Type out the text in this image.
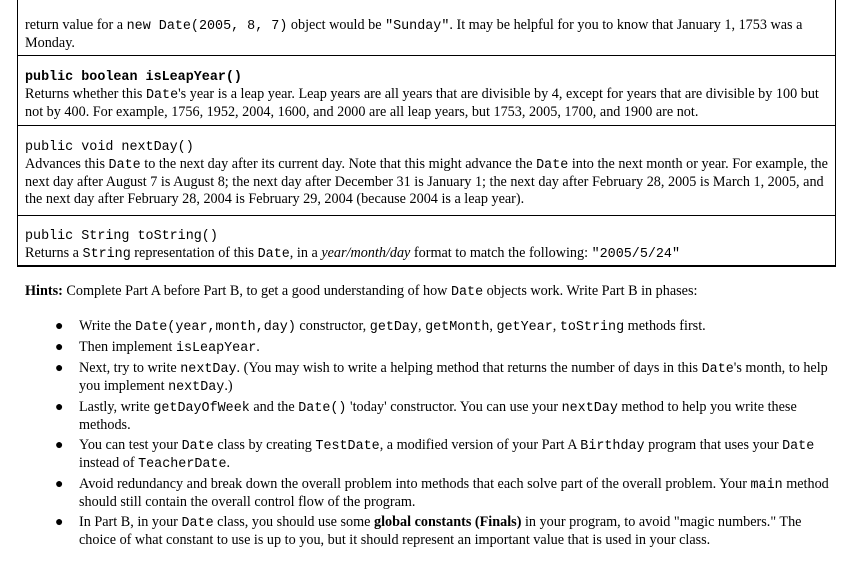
return value for a new Date(2005, 8, 7) object would be "Sunday". It may be helpful for you to know that January 1, 1753 was a Monday.
public boolean isLeapYear()
Returns whether this Date's year is a leap year. Leap years are all years that are divisible by 4, except for years that are divisible by 100 but not by 400. For example, 1756, 1952, 2004, 1600, and 2000 are all leap years, but 1753, 2005, 1700, and 1900 are not.
public void nextDay()
Advances this Date to the next day after its current day. Note that this might advance the Date into the next month or year. For example, the next day after August 7 is August 8; the next day after December 31 is January 1; the next day after February 28, 2005 is March 1, 2005, and the next day after February 28, 2004 is February 29, 2004 (because 2004 is a leap year).
public String toString()
Returns a String representation of this Date, in a year/month/day format to match the following: "2005/5/24"
Hints: Complete Part A before Part B, to get a good understanding of how Date objects work. Write Part B in phases:
● Write the Date(year,month,day) constructor, getDay, getMonth, getYear, toString methods first.
● Then implement isLeapYear.
● Next, try to write nextDay. (You may wish to write a helping method that returns the number of days in this Date's month, to help you implement nextDay.)
● Lastly, write getDayOfWeek and the Date() 'today' constructor. You can use your nextDay method to help you write these methods.
● You can test your Date class by creating TestDate, a modified version of your Part A Birthday program that uses your Date instead of TeacherDate.
● Avoid redundancy and break down the overall problem into methods that each solve part of the overall problem. Your main method should still contain the overall control flow of the program.
● In Part B, in your Date class, you should use some global constants (Finals) in your program, to avoid "magic numbers." The choice of what constant to use is up to you, but it should represent an important value that is used in your class.
